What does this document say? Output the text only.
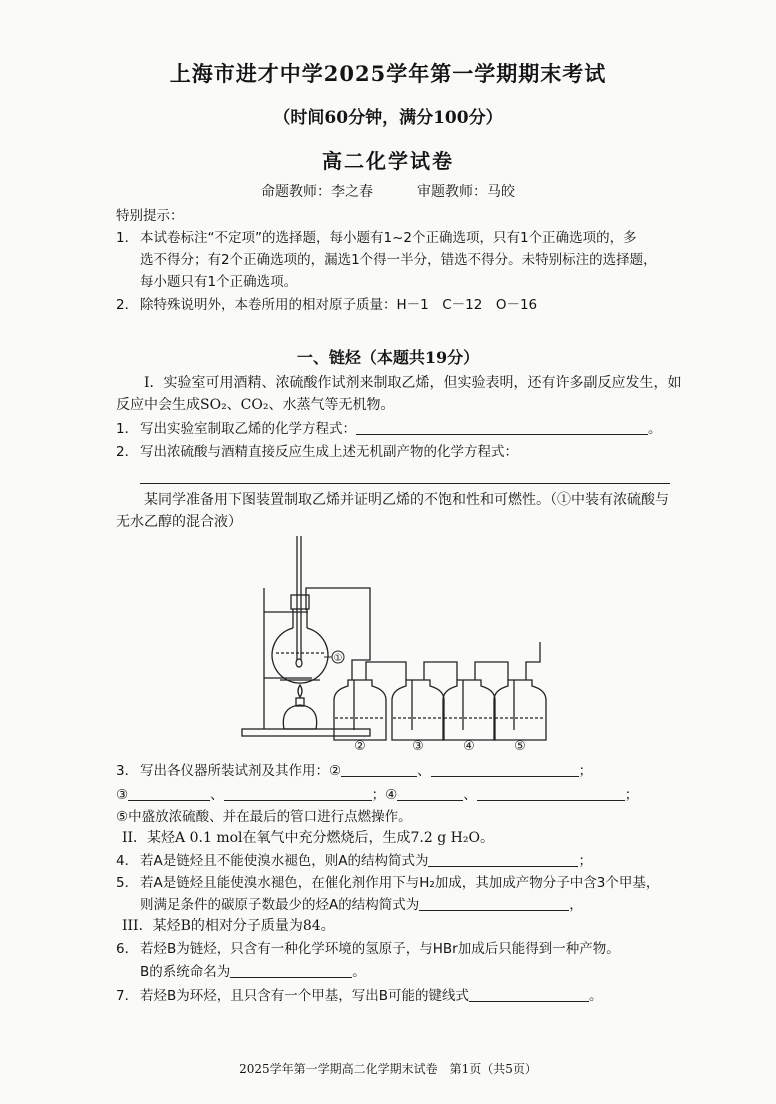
上海市进才中学2025学年第一学期期末考试
（时间60分钟，满分100分）
高二化学试卷
命题教师：李之春	审题教师：马皎
特别提示：
1． 本试卷标注“不定项”的选择题，每小题有1~2个正确选项，只有1个正确选项的，多
选不得分；有2个正确选项的，漏选1个得一半分，错选不得分。未特别标注的选择题，
每小题只有1个正确选项。
2． 除特殊说明外，本卷所用的相对原子质量：H－1　C－12　O－16
一、链烃（本题共19分）
I．实验室可用酒精、浓硫酸作试剂来制取乙烯，但实验表明，还有许多副反应发生，如
反应中会生成SO₂、CO₂、水蒸气等无机物。
1． 写出实验室制取乙烯的化学方程式：	。
2． 写出浓硫酸与酒精直接反应生成上述无机副产物的化学方程式：
某同学准备用下图装置制取乙烯并证明乙烯的不饱和性和可燃性。（①中装有浓硫酸与
无水乙醇的混合液）
①
②	③	④	⑤
3． 写出各仪器所装试剂及其作用：②	、	；
③	、	；④	、	；
⑤中盛放浓硫酸、并在最后的管口进行点燃操作。
II．某烃A 0.1 mol在氧气中充分燃烧后，生成7.2 g H₂O。
4． 若A是链烃且不能使溴水褪色，则A的结构简式为	；
5． 若A是链烃且能使溴水褪色，在催化剂作用下与H₂加成，其加成产物分子中含3个甲基，
则满足条件的碳原子数最少的烃A的结构简式为	，
III．某烃B的相对分子质量为84。
6． 若烃B为链烃，只含有一种化学环境的氢原子，与HBr加成后只能得到一种产物。
B的系统命名为	。
7． 若烃B为环烃，且只含有一个甲基，写出B可能的键线式	。
2025学年第一学期高二化学期末试卷  第1页（共5页）
